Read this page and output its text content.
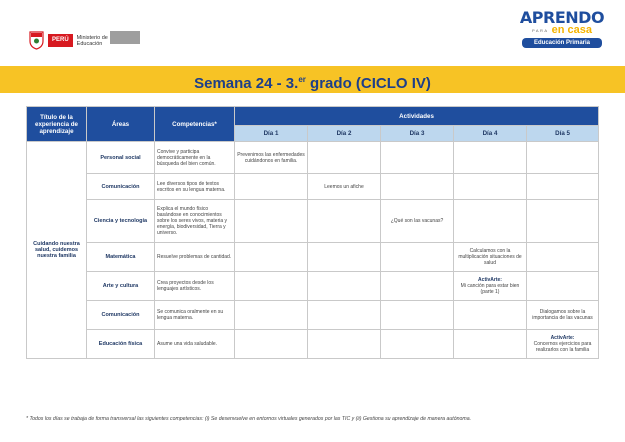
PERÚ	Ministerio de Educación
APRENDO
PARA en casa
Educación Primaria
Semana 24 - 3.$^{er}$ grado (CICLO IV)
Título de la experiencia de aprendizaje	Áreas	Competencias*	Actividades				
			Día 1	Día 2	Día 3	Día 4	Día 5
Cuidando nuestra salud, cuidemos nuestra familia	Personal social	Convive y participa democráticamente en la búsqueda del bien común.	Prevenimos las enfermedades cuidándonos en familia.				
	Comunicación	Lee diversos tipos de textos escritos en su lengua materna.		Leemos un afiche			
	Ciencia y tecnología	Explica el mundo físico basándose en conocimientos sobre los seres vivos, materia y energía, biodiversidad, Tierra y universo.			¿Qué son las vacunas?		
	Matemática	Resuelve problemas de cantidad.				Calculamos con la multiplicación situaciones de salud	
	Arte y cultura	Crea proyectos desde los lenguajes artísticos.				ActivArte:
Mi canción para estar bien (parte 1)	
	Comunicación	Se comunica oralmente en su lengua materna.					Dialogamos sobre la importancia de las vacunas
	Educación física	Asume una vida saludable.					ActivArte:
Concernos ejercicios para realizarlos con la familia
* Todos los días se trabaja de forma transversal las siguientes competencias: (i) Se desenvuelve en entornos virtuales generados por las TIC y (ii) Gestiona su aprendizaje de manera autónoma.
